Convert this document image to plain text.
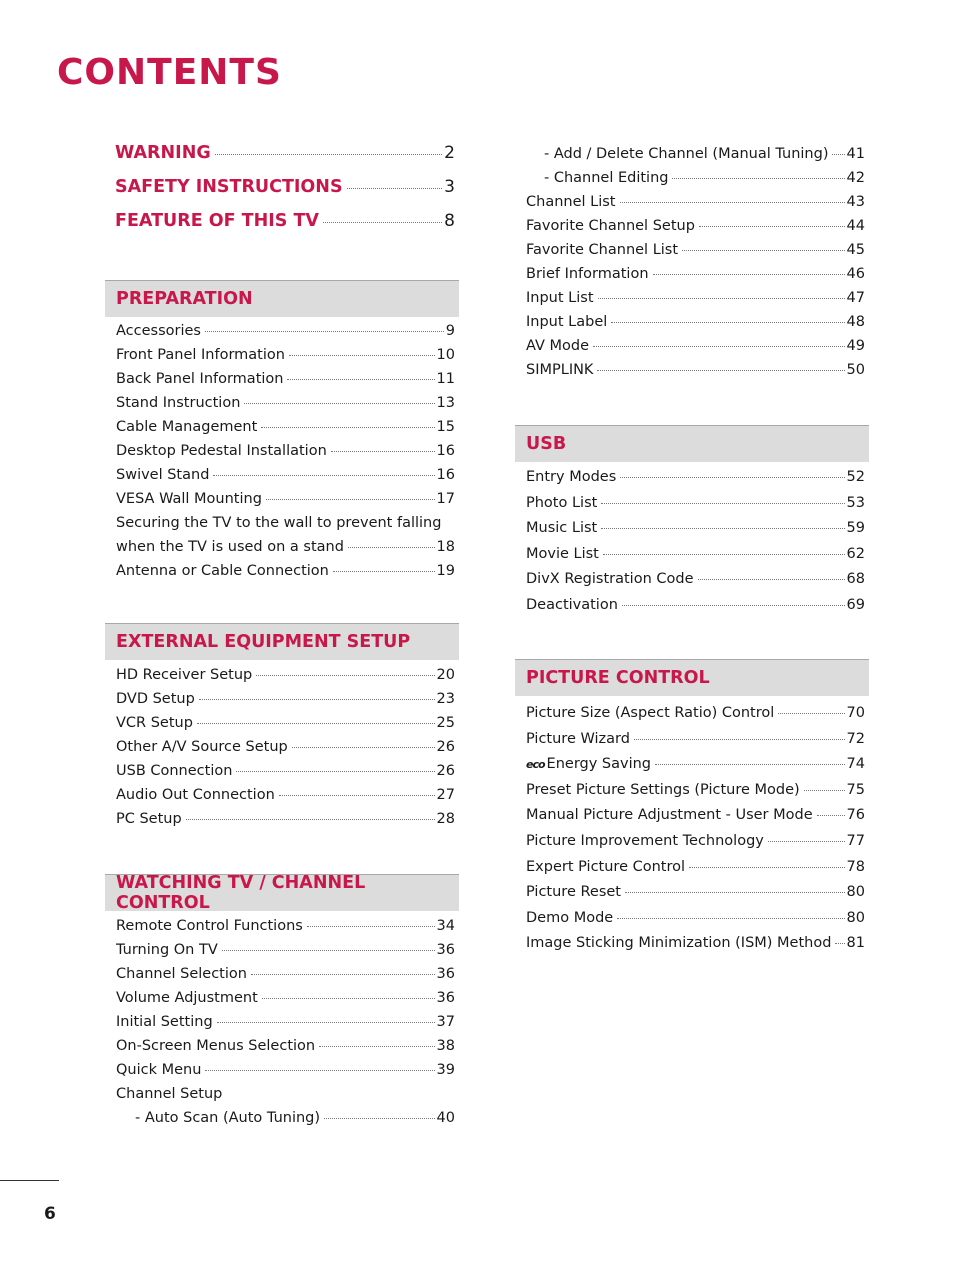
CONTENTS
WARNING	2
SAFETY INSTRUCTIONS	3
FEATURE OF THIS TV	8
PREPARATION
Accessories	9
Front Panel Information	10
Back Panel Information	11
Stand Instruction	13
Cable Management	15
Desktop Pedestal Installation	16
Swivel Stand	16
VESA Wall Mounting	17
Securing the TV to the wall to prevent falling
when the TV is used on a stand	18
Antenna or Cable Connection	19
EXTERNAL EQUIPMENT SETUP
HD Receiver Setup	20
DVD Setup	23
VCR Setup	25
Other A/V Source Setup	26
USB Connection	26
Audio Out Connection	27
PC Setup	28
WATCHING TV / CHANNEL CONTROL
Remote Control Functions	34
Turning On TV	36
Channel Selection	36
Volume Adjustment	36
Initial Setting	37
On-Screen Menus Selection	38
Quick Menu	39
Channel Setup
- Auto Scan (Auto Tuning)	40
- Add / Delete Channel (Manual Tuning) 41
- Channel Editing	42
Channel List	43
Favorite Channel Setup	44
Favorite Channel List	45
Brief Information	46
Input List	47
Input Label	48
AV Mode	49
SIMPLINK	50
USB
Entry Modes	52
Photo List	53
Music List	59
Movie List	62
DivX Registration Code	68
Deactivation	69
PICTURE CONTROL
Picture Size (Aspect Ratio) Control	70
Picture Wizard	72
eco Energy Saving	74
Preset Picture Settings (Picture Mode)	75
Manual Picture Adjustment - User Mode 76
Picture Improvement Technology	77
Expert Picture Control	78
Picture Reset	80
Demo Mode	80
Image Sticking Minimization (ISM) Method 81
6
